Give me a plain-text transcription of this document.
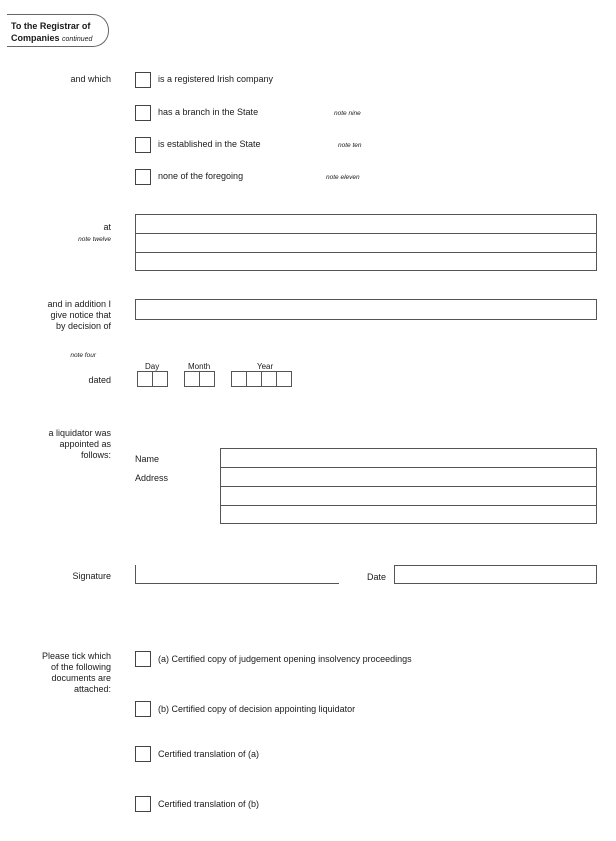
To the Registrar of
Companies continued
and which	is a registered Irish company
has a branch in the State	note nine
is established in the State	note ten
none of the foregoing	note eleven
at
note twelve
and in addition I
give notice that
by decision of
note four
dated
Day	Month	Year
a liquidator was
appointed as
follows:	Name
Address
Signature	Date
Please tick which
of the following
documents are
attached:
(a) Certified copy of judgement opening insolvency proceedings
(b) Certified copy of decision appointing liquidator
Certified translation of (a)
Certified translation of (b)
